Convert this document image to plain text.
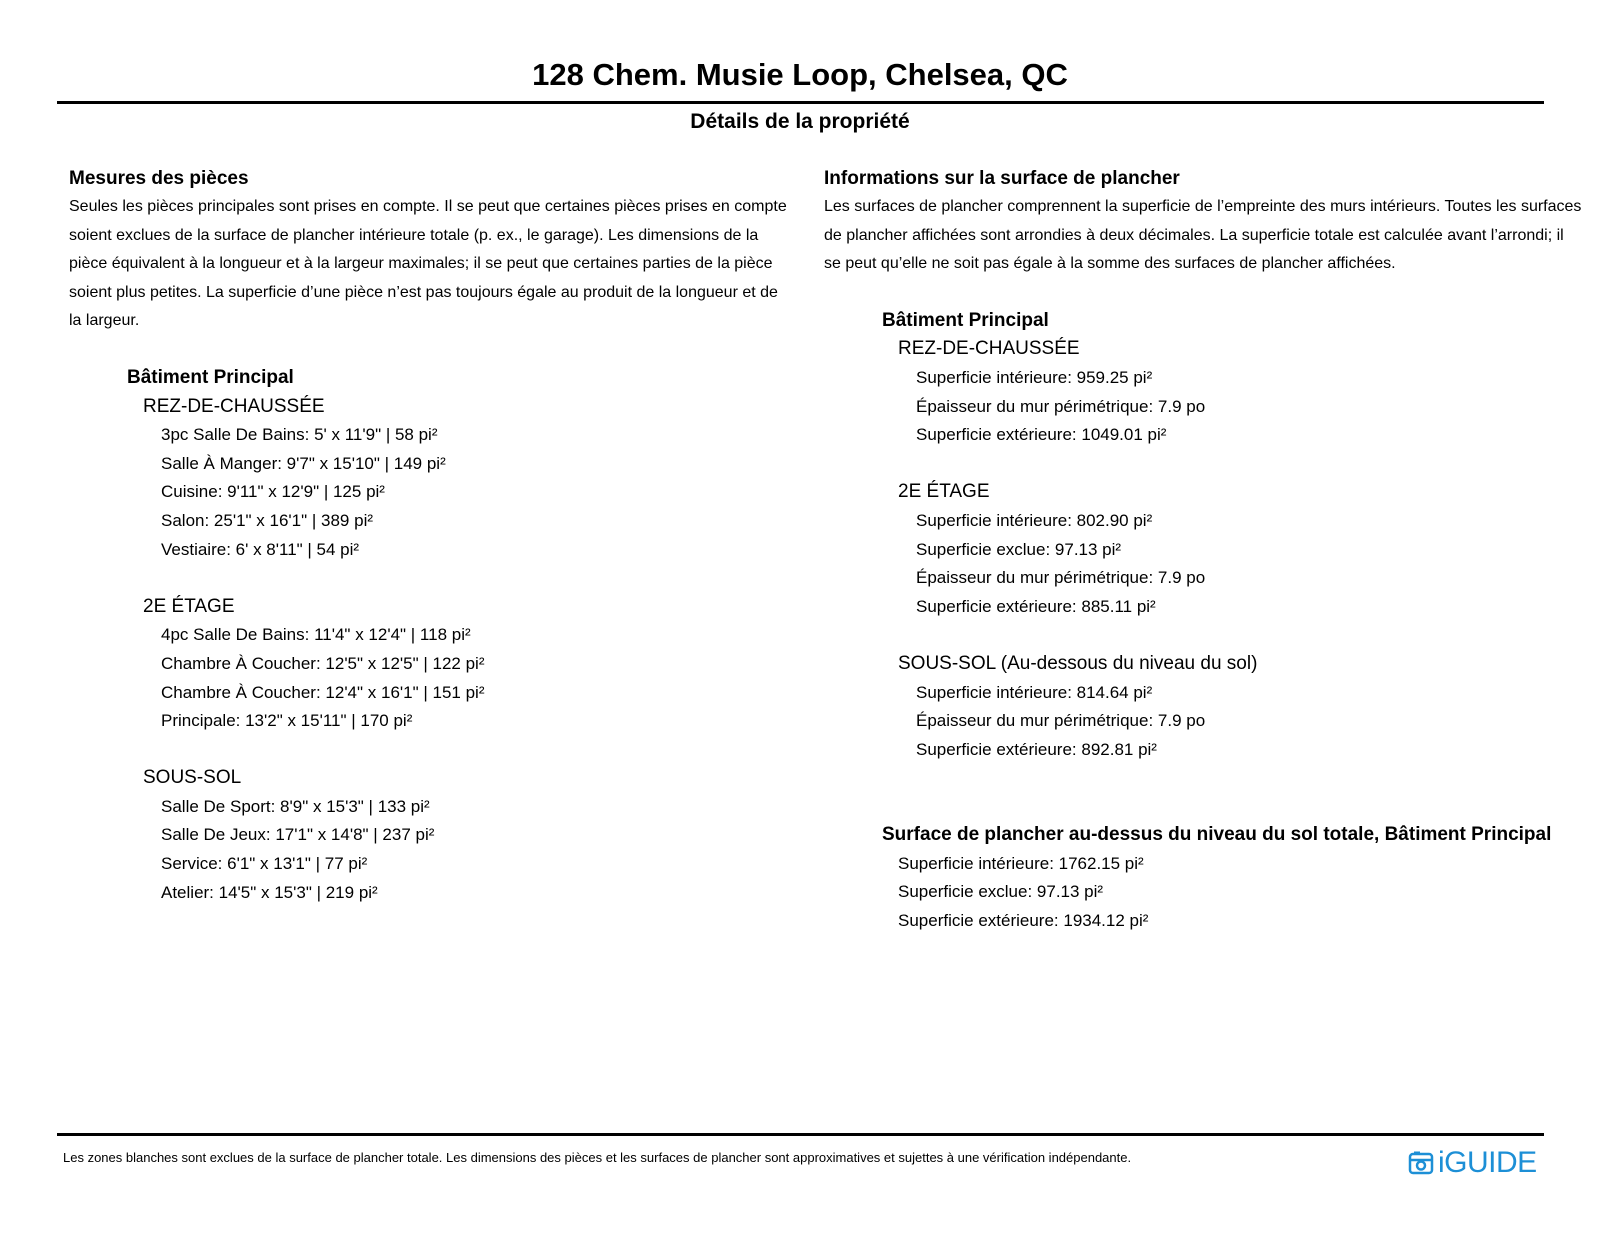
128 Chem. Musie Loop, Chelsea, QC
Détails de la propriété

Mesures des pièces

Seules les pièces principales sont prises en compte. Il se peut que certaines pièces prises en compte soient exclues de la surface de plancher intérieure totale (p. ex., le garage). Les dimensions de la pièce équivalent à la longueur et à la largeur maximales; il se peut que certaines parties de la pièce soient plus petites. La superficie d’une pièce n’est pas toujours égale au produit de la longueur et de la largeur.

Bâtiment Principal

REZ-DE-CHAUSSÉE

3pc Salle De Bains: 5' x 11'9" | 58 pi²

Salle À Manger: 9'7" x 15'10" | 149 pi²

Cuisine: 9'11" x 12'9" | 125 pi²

Salon: 25'1" x 16'1" | 389 pi²

Vestiaire: 6' x 8'11" | 54 pi²

2E ÉTAGE

4pc Salle De Bains: 11'4" x 12'4" | 118 pi²

Chambre À Coucher: 12'5" x 12'5" | 122 pi²

Chambre À Coucher: 12'4" x 16'1" | 151 pi²

Principale: 13'2" x 15'11" | 170 pi²

SOUS-SOL

Salle De Sport: 8'9" x 15'3" | 133 pi²

Salle De Jeux: 17'1" x 14'8" | 237 pi²

Service: 6'1" x 13'1" | 77 pi²

Atelier: 14'5" x 15'3" | 219 pi²

Informations sur la surface de plancher

Les surfaces de plancher comprennent la superficie de l’empreinte des murs intérieurs. Toutes les surfaces de plancher affichées sont arrondies à deux décimales. La superficie totale est calculée avant l’arrondi; il se peut qu’elle ne soit pas égale à la somme des surfaces de plancher affichées.

Bâtiment Principal

REZ-DE-CHAUSSÉE

Superficie intérieure: 959.25 pi²

Épaisseur du mur périmétrique: 7.9 po

Superficie extérieure: 1049.01 pi²

2E ÉTAGE

Superficie intérieure: 802.90 pi²

Superficie exclue: 97.13 pi²

Épaisseur du mur périmétrique: 7.9 po

Superficie extérieure: 885.11 pi²

SOUS-SOL (Au-dessous du niveau du sol)

Superficie intérieure: 814.64 pi²

Épaisseur du mur périmétrique: 7.9 po

Superficie extérieure: 892.81 pi²

Surface de plancher au-dessus du niveau du sol totale, Bâtiment Principal

Superficie intérieure: 1762.15 pi²

Superficie exclue: 97.13 pi²

Superficie extérieure: 1934.12 pi²

Les zones blanches sont exclues de la surface de plancher totale. Les dimensions des pièces et les surfaces de plancher sont approximatives et sujettes à une vérification indépendante.	iGUIDE
